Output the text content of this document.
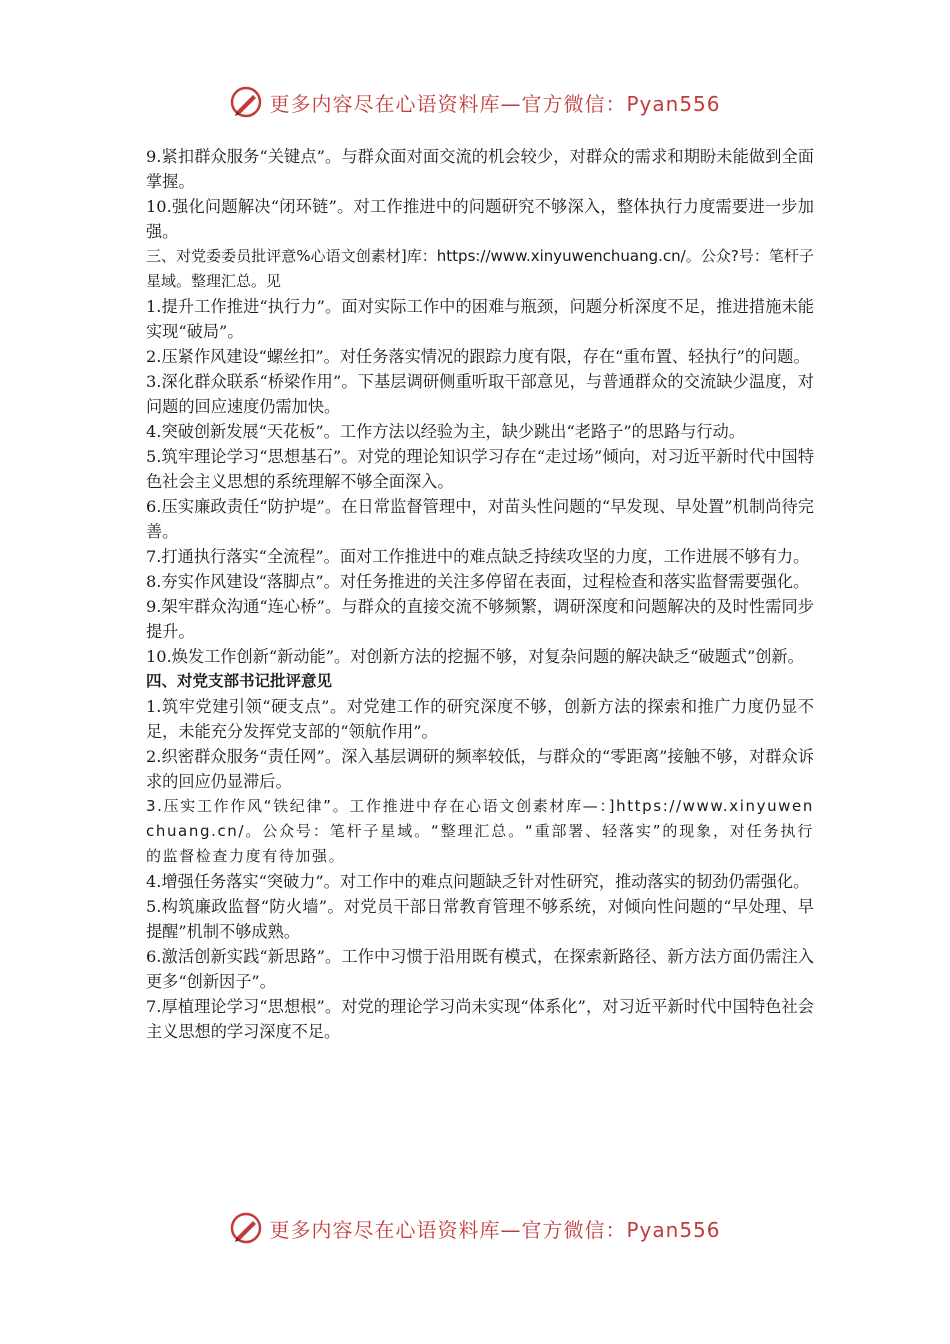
更多内容尽在心语资料库—官方微信：Pyan556

9.紧扣群众服务“关键点”。与群众面对面交流的机会较少，对群众的需求和期盼未能做到全面掌握。

10.强化问题解决“闭环链”。对工作推进中的问题研究不够深入，整体执行力度需要进一步加强。

三、对党委委员批评意%心语文创素材]库：https://www.xinyuwenchuang.cn/。公众?号：笔杆子星域。整理汇总。见

1.提升工作推进“执行力”。面对实际工作中的困难与瓶颈，问题分析深度不足，推进措施未能实现“破局”。

2.压紧作风建设“螺丝扣”。对任务落实情况的跟踪力度有限，存在“重布置、轻执行”的问题。

3.深化群众联系“桥梁作用”。下基层调研侧重听取干部意见，与普通群众的交流缺少温度，对问题的回应速度仍需加快。

4.突破创新发展“天花板”。工作方法以经验为主，缺少跳出“老路子”的思路与行动。

5.筑牢理论学习“思想基石”。对党的理论知识学习存在“走过场”倾向，对习近平新时代中国特色社会主义思想的系统理解不够全面深入。

6.压实廉政责任“防护堤”。在日常监督管理中，对苗头性问题的“早发现、早处置”机制尚待完善。

7.打通执行落实“全流程”。面对工作推进中的难点缺乏持续攻坚的力度，工作进展不够有力。

8.夯实作风建设“落脚点”。对任务推进的关注多停留在表面，过程检查和落实监督需要强化。

9.架牢群众沟通“连心桥”。与群众的直接交流不够频繁，调研深度和问题解决的及时性需同步提升。

10.焕发工作创新“新动能”。对创新方法的挖掘不够，对复杂问题的解决缺乏“破题式”创新。

四、对党支部书记批评意见

1.筑牢党建引领“硬支点”。对党建工作的研究深度不够，创新方法的探索和推广力度仍显不足，未能充分发挥党支部的“领航作用”。

2.织密群众服务“责任网”。深入基层调研的频率较低，与群众的“零距离”接触不够，对群众诉求的回应仍显滞后。

3.压实工作作风“铁纪律”。工作推进中存在心语文创素材库—：]https://www.xinyuwenchuang.cn/。公众号：笔杆子星域。“整理汇总。“重部署、轻落实”的现象，对任务执行的监督检查力度有待加强。

4.增强任务落实“突破力”。对工作中的难点问题缺乏针对性研究，推动落实的韧劲仍需强化。

5.构筑廉政监督“防火墙”。对党员干部日常教育管理不够系统，对倾向性问题的“早处理、早提醒”机制不够成熟。

6.激活创新实践“新思路”。工作中习惯于沿用既有模式，在探索新路径、新方法方面仍需注入更多“创新因子”。

7.厚植理论学习“思想根”。对党的理论学习尚未实现“体系化”，对习近平新时代中国特色社会主义思想的学习深度不足。

更多内容尽在心语资料库—官方微信：Pyan556
